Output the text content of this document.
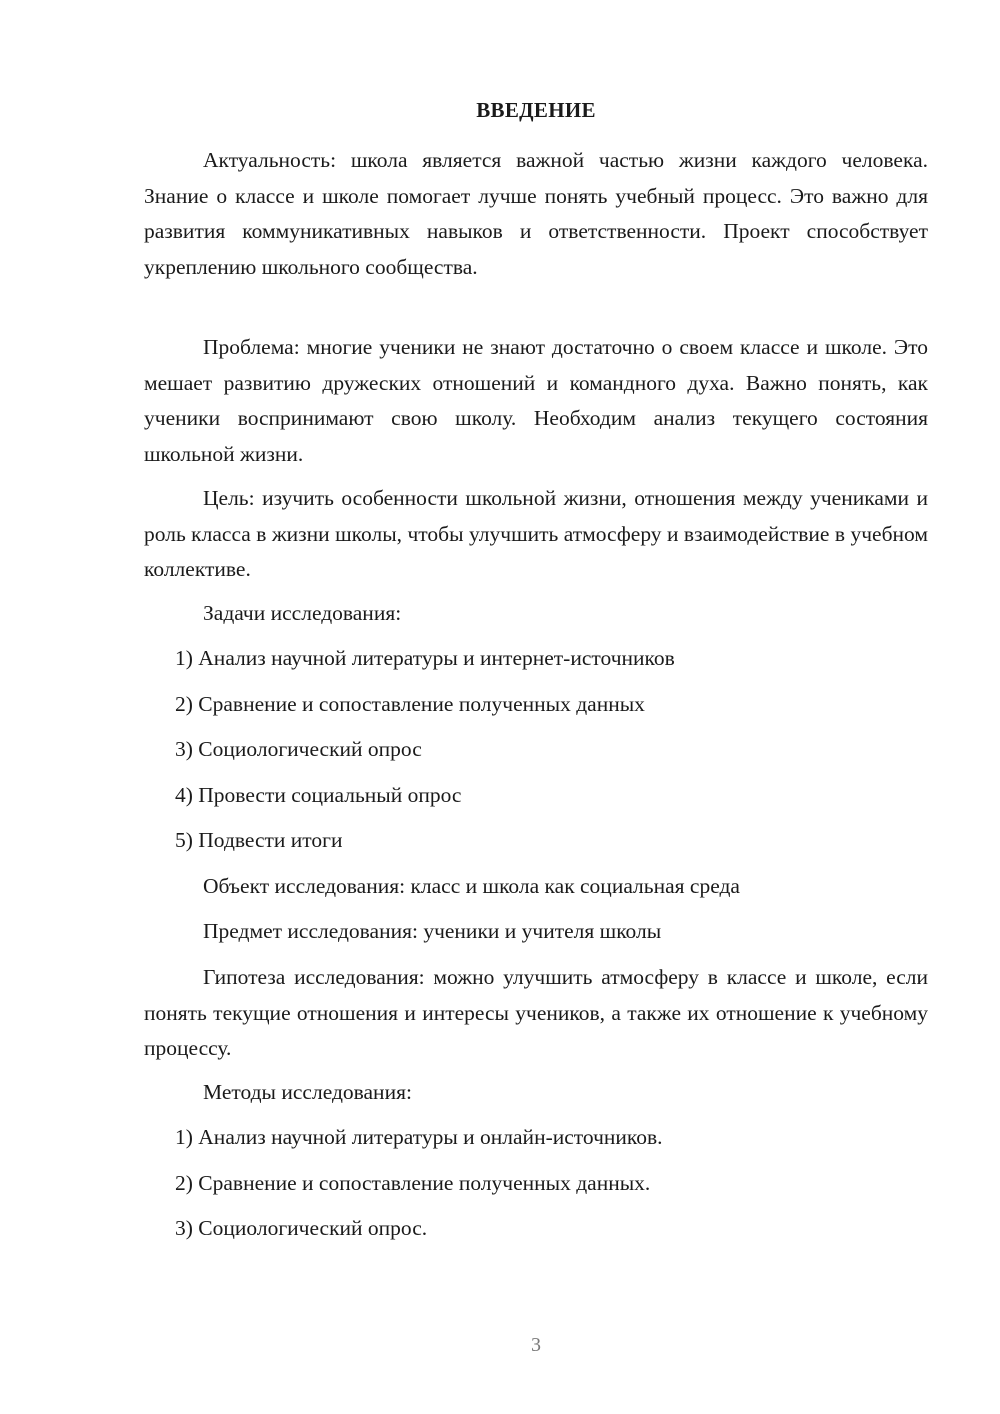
ВВЕДЕНИЕ

Актуальность: школа является важной частью жизни каждого человека. Знание о классе и школе помогает лучше понять учебный процесс. Это важно для развития коммуникативных навыков и ответственности. Проект способствует укреплению школьного сообщества.

Проблема: многие ученики не знают достаточно о своем классе и школе. Это мешает развитию дружеских отношений и командного духа. Важно понять, как ученики воспринимают свою школу. Необходим анализ текущего состояния школьной жизни.

Цель: изучить особенности школьной жизни, отношения между учениками и роль класса в жизни школы, чтобы улучшить атмосферу и взаимодействие в учебном коллективе.

Задачи исследования:

1) Анализ научной литературы и интернет-источников

2) Сравнение и сопоставление полученных данных

3) Социологический опрос

4) Провести социальный опрос

5) Подвести итоги

Объект исследования: класс и школа как социальная среда

Предмет исследования: ученики и учителя школы

Гипотеза исследования: можно улучшить атмосферу в классе и школе, если понять текущие отношения и интересы учеников, а также их отношение к учебному процессу.

Методы исследования:

1) Анализ научной литературы и онлайн-источников.

2) Сравнение и сопоставление полученных данных.

3) Социологический опрос.

3
